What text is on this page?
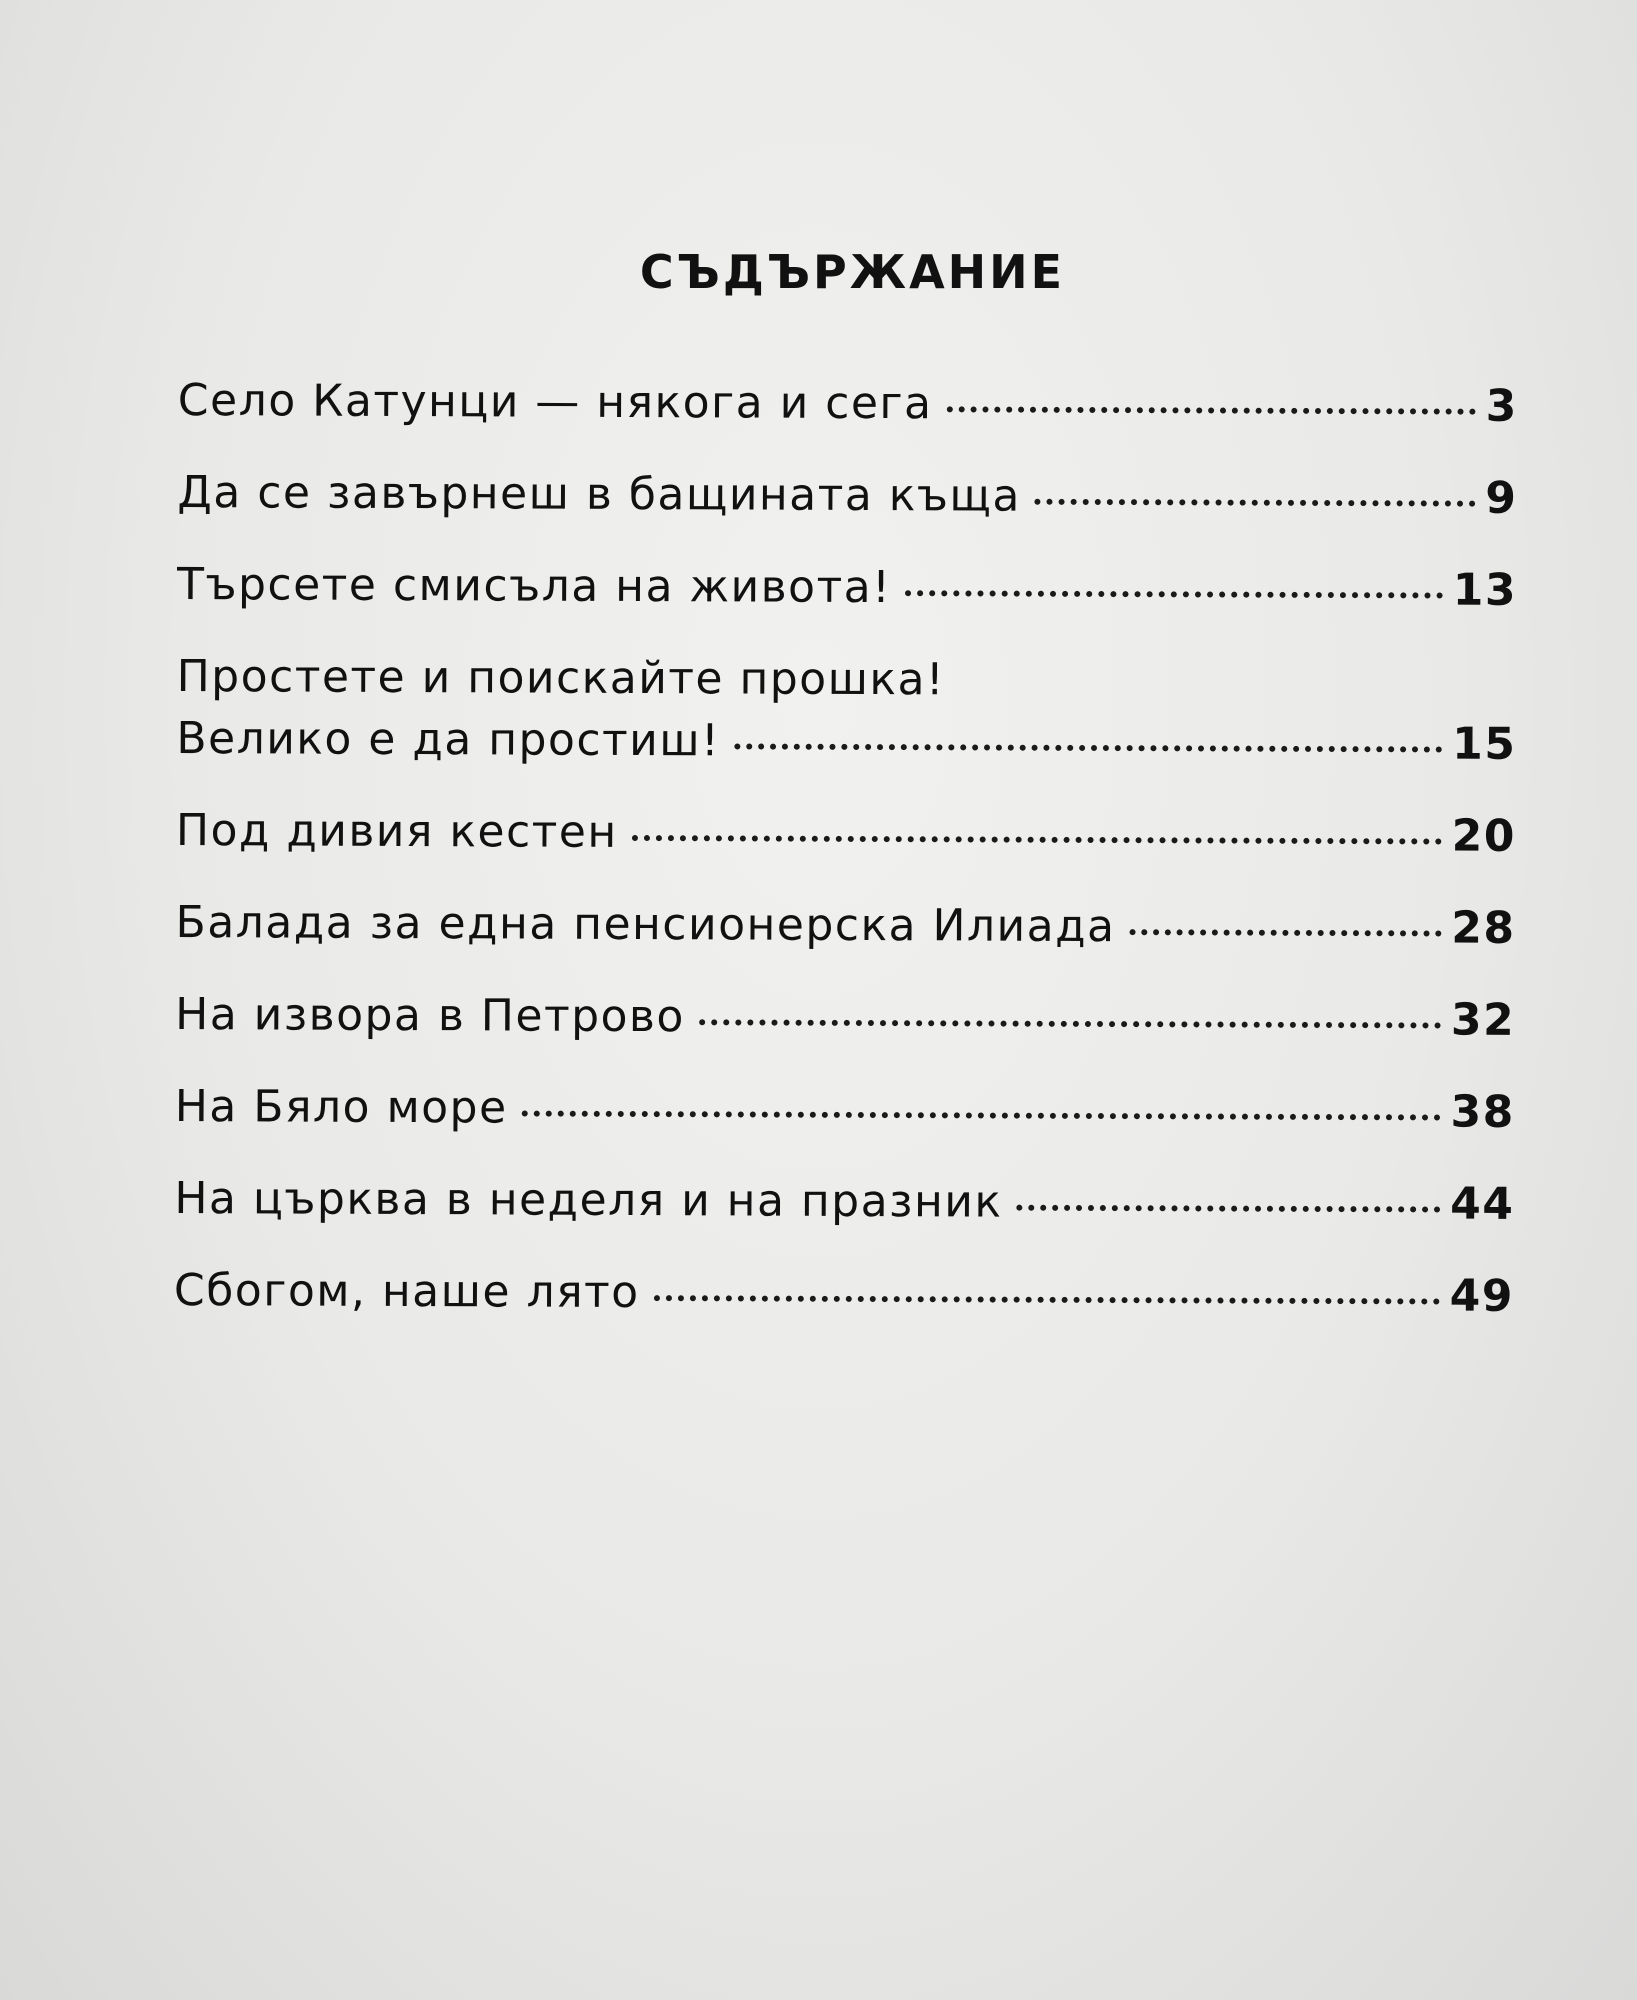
СЪДЪРЖАНИЕ
Село Катунци — някога и сега	3
Да се завърнеш в бащината къща	9
Търсете смисъла на живота!	13
Простете и поискайте прошка!
Велико е да простиш!	15
Под дивия кестен	20
Балада за една пенсионерска Илиада	28
На извора в Петрово	32
На Бяло море	38
На църква в неделя и на празник	44
Сбогом, наше лято	49
